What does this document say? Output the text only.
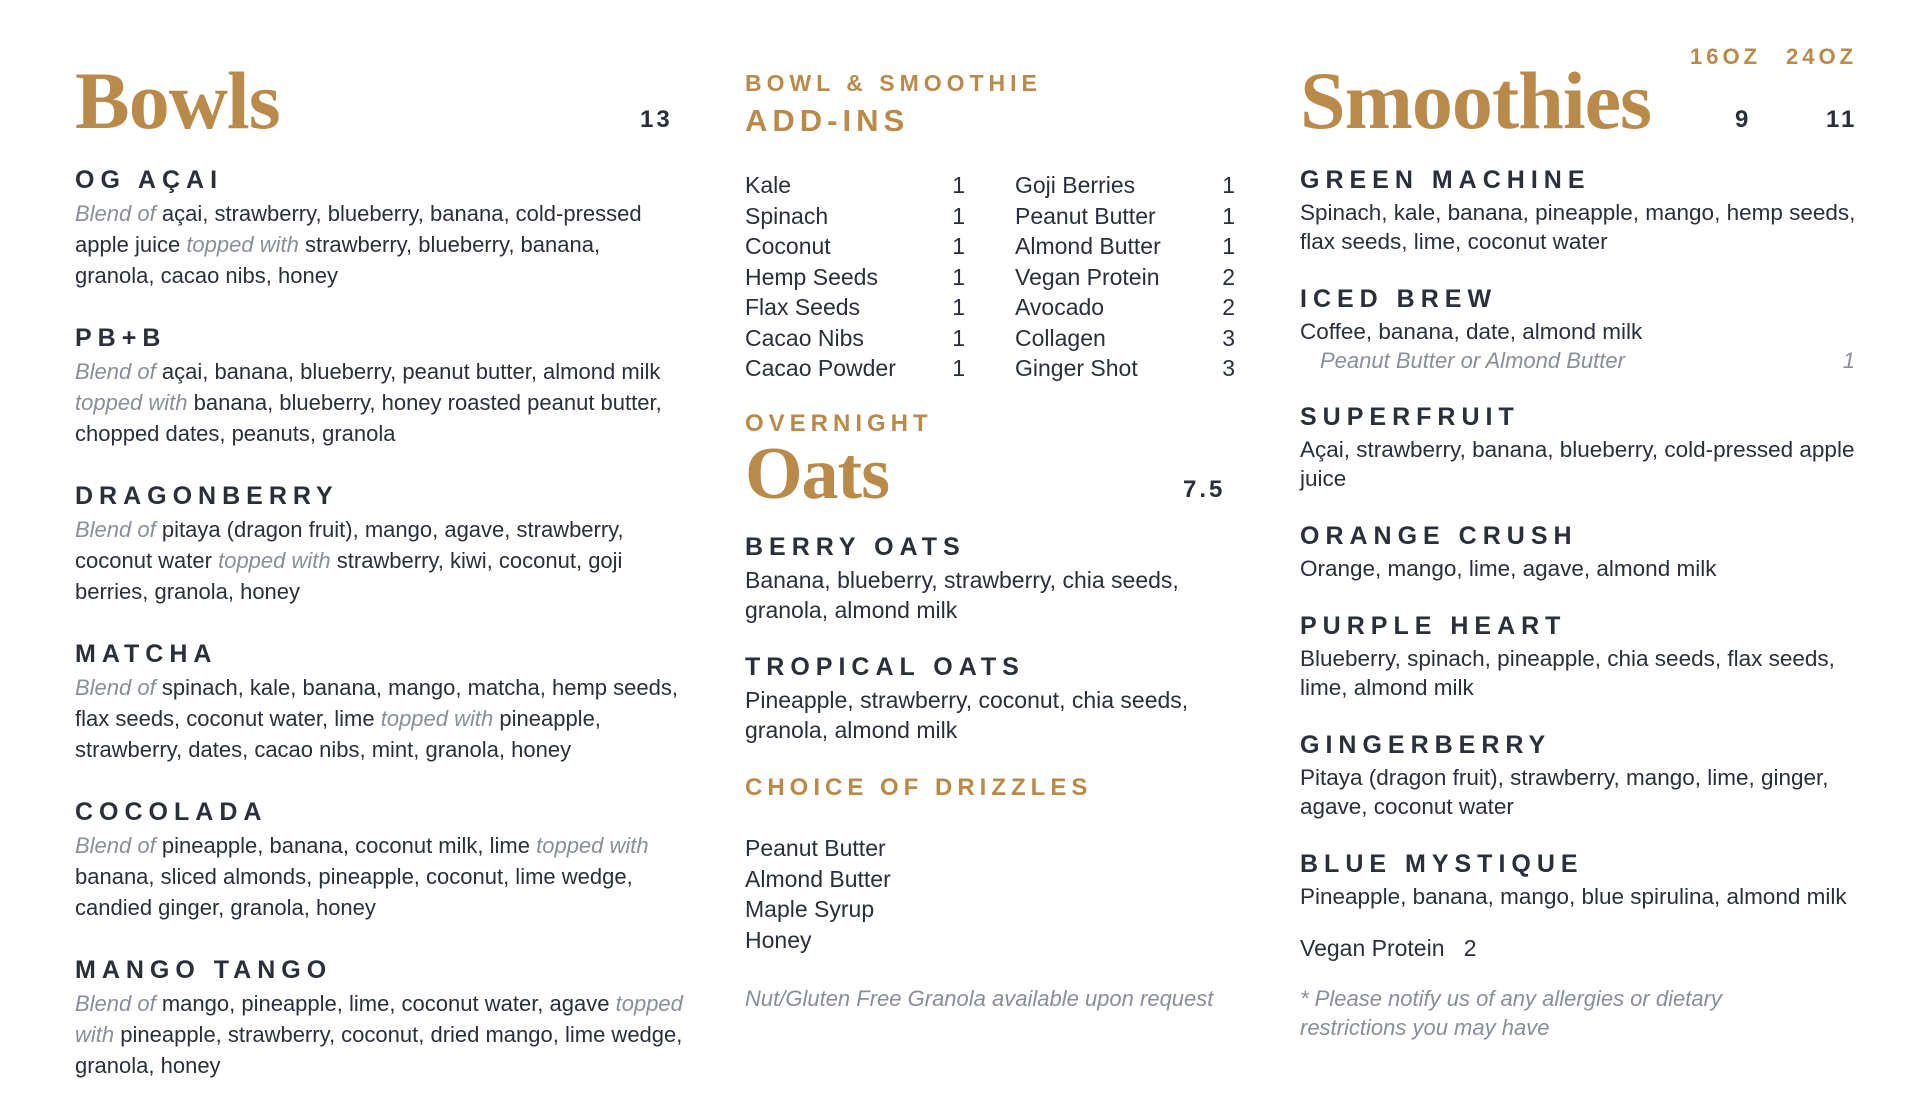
Bowls	13
OG AÇAI
Blend of açai, strawberry, blueberry, banana, cold-pressed apple juice topped with strawberry, blueberry, banana, granola, cacao nibs, honey
PB+B
Blend of açai, banana, blueberry, peanut butter, almond milk topped with banana, blueberry, honey roasted peanut butter, chopped dates, peanuts, granola
DRAGONBERRY
Blend of pitaya (dragon fruit), mango, agave, strawberry, coconut water topped with strawberry, kiwi, coconut, goji berries, granola, honey
MATCHA
Blend of spinach, kale, banana, mango, matcha, hemp seeds, flax seeds, coconut water, lime topped with pineapple, strawberry, dates, cacao nibs, mint, granola, honey
COCOLADA
Blend of pineapple, banana, coconut milk, lime topped with banana, sliced almonds, pineapple, coconut, lime wedge, candied ginger, granola, honey
MANGO TANGO
Blend of mango, pineapple, lime, coconut water, agave topped with pineapple, strawberry, coconut, dried mango, lime wedge, granola, honey
BOWL & SMOOTHIE
ADD-INS
Kale	1
Spinach	1
Coconut	1
Hemp Seeds	1
Flax Seeds	1
Cacao Nibs	1
Cacao Powder	1
Goji Berries	1
Peanut Butter	1
Almond Butter	1
Vegan Protein	2
Avocado	2
Collagen	3
Ginger Shot	3
OVERNIGHT
Oats	7.5
BERRY OATS
Banana, blueberry, strawberry, chia seeds, granola, almond milk
TROPICAL OATS
Pineapple, strawberry, coconut, chia seeds, granola, almond milk
CHOICE OF DRIZZLES
Peanut Butter
Almond Butter
Maple Syrup
Honey
Nut/Gluten Free Granola available upon request
Smoothies 16OZ 24OZ
9	11
GREEN MACHINE
Spinach, kale, banana, pineapple, mango, hemp seeds, flax seeds, lime, coconut water
ICED BREW
Coffee, banana, date, almond milk
Peanut Butter or Almond Butter	1
SUPERFRUIT
Açai, strawberry, banana, blueberry, cold-pressed apple juice
ORANGE CRUSH
Orange, mango, lime, agave, almond milk
PURPLE HEART
Blueberry, spinach, pineapple, chia seeds, flax seeds, lime, almond milk
GINGERBERRY
Pitaya (dragon fruit), strawberry, mango, lime, ginger, agave, coconut water
BLUE MYSTIQUE
Pineapple, banana, mango, blue spirulina, almond milk
Vegan Protein 2
* Please notify us of any allergies or dietary restrictions you may have
